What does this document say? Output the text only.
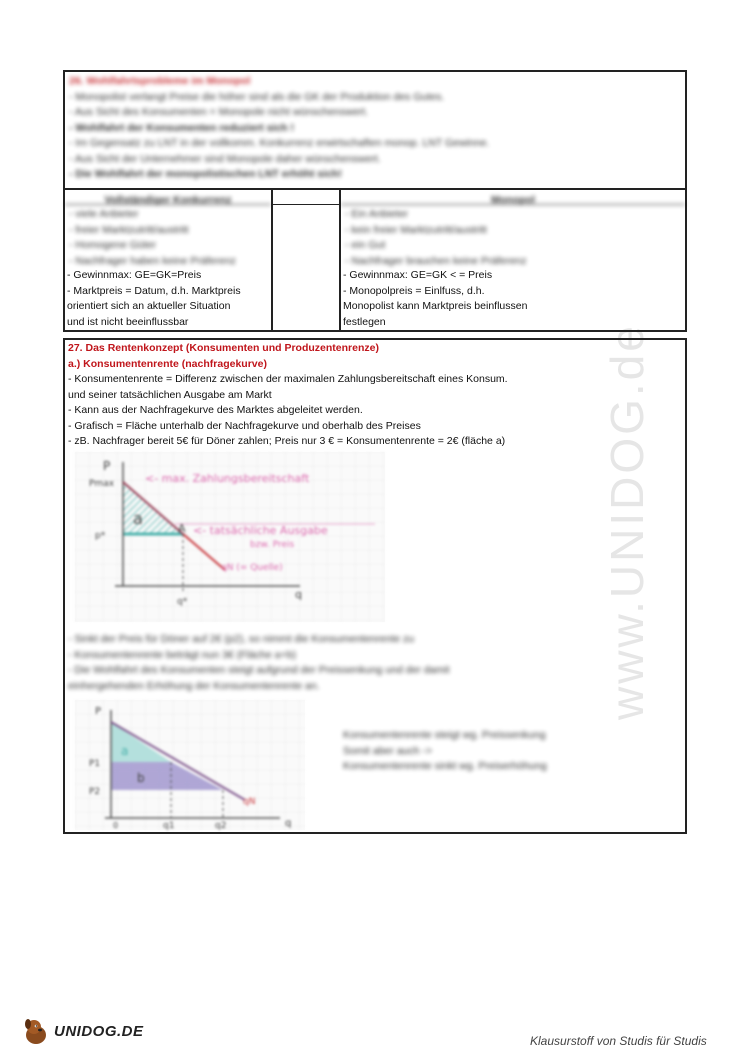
www.UNIDOG.de
26. Wohlfahrtsprobleme im Monopol
- Monopolist verlangt Preise die höher sind als die GK der Produktion des Gutes.
- Aus Sicht des Konsumenten = Monopole nicht wünschenswert.
- Wohlfahrt der Konsumenten reduziert sich !
- Im Gegensatz zu LNT in der vollkomm. Konkurrenz erwirtschaften monop. LNT Gewinne.
- Aus Sicht der Unternehmer sind Monopole daher wünschenswert.
- Die Wohlfahrt der monopolistischen LNT erhöht sich!
Vollständiger Konkurrenz
- viele Anbieter
- freier Marktzutritt/austritt
- Homogene Güter
- Nachfrager haben keine Präferenz
- Gewinnmax: GE=GK=Preis
- Marktpreis = Datum, d.h. Marktpreis
orientiert sich an aktueller Situation
und ist nicht beeinflussbar
Monopol
- Ein Anbieter
- kein freier Marktzutritt/austritt
- ein Gut
- Nachfrager brauchen keine Präferenz
- Gewinnmax: GE=GK < = Preis
- Monopolpreis = Einlfuss, d.h.
Monopolist kann Marktpreis beinflussen
festlegen
27. Das Rentenkonzept (Konsumenten und Produzentenrenze)
a.) Konsumentenrente (nachfragekurve)
- Konsumentenrente = Differenz zwischen der maximalen Zahlungsbereitschaft eines Konsum.
und seiner tatsächlichen Ausgabe am Markt
- Kann aus der Nachfragekurve des Marktes abgeleitet werden.
- Grafisch = Fläche unterhalb der Nachfragekurve und oberhalb des Preises
- zB. Nachfrager bereit 5€ für Döner zahlen; Preis nur 3 € = Konsumentenrente = 2€ (fläche a)
P
Pmax
p*
a
A
<- max. Zahlungsbereitschaft
<- tatsächliche Ausgabe
bzw. Preis
qN (= Quelle)
q
q*
- Sinkt der Preis für Döner auf 2€ (p2), so nimmt die Konsumentenrente zu
- Konsumentenrente beträgt nun 3€ (Fläche a+b)
- Die Wohlfahrt des Konsumenten steigt aufgrund der Preissenkung und der damit
einhergehenden Erhöhung der Konsumentenrente an.
P
P1
P2
a
b
q1	q2
qN
q
0
Konsumentenrente steigt wg. Preissenkung
Somit aber auch ->
Konsumentenrente sinkt wg. Preiserhöhung
UNIDOG.DE
Klausurstoff von Studis für Studis
